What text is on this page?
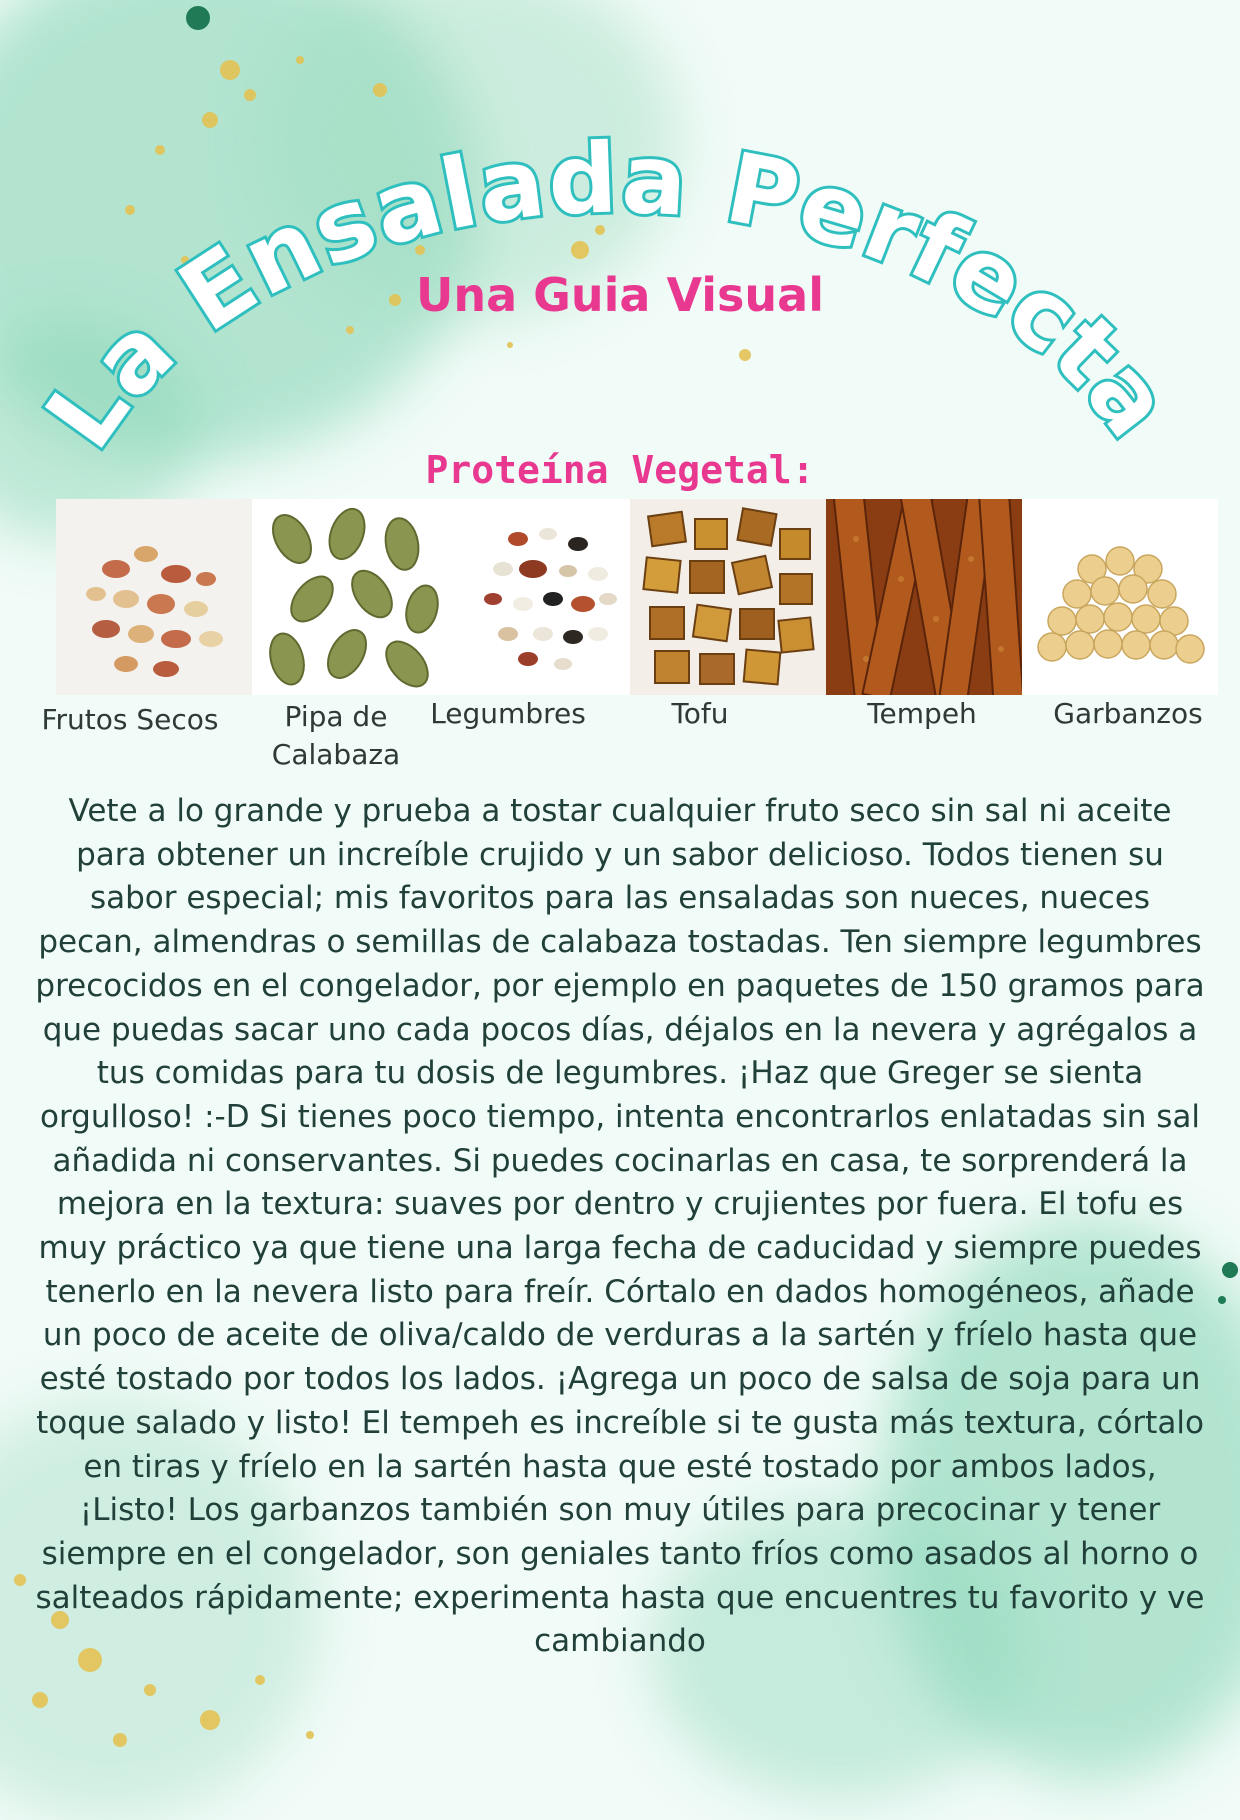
La Ensalada Perfecta
Una Guia Visual
Proteína Vegetal:
Frutos Secos	Pipa de
Calabaza
Legumbres	Tofu	Tempeh	Garbanzos

Vete a lo grande y prueba a tostar cualquier fruto seco sin sal ni aceite para obtener un increíble crujido y un sabor delicioso. Todos tienen su sabor especial; mis favoritos para las ensaladas son nueces, nueces pecan, almendras o semillas de calabaza tostadas. Ten siempre legumbres precocidos en el congelador, por ejemplo en paquetes de 150 gramos para que puedas sacar uno cada pocos días, déjalos en la nevera y agrégalos a tus comidas para tu dosis de legumbres. ¡Haz que Greger se sienta orgulloso! :-D Si tienes poco tiempo, intenta encontrarlos enlatadas sin sal añadida ni conservantes. Si puedes cocinarlas en casa, te sorprenderá la mejora en la textura: suaves por dentro y crujientes por fuera. El tofu es muy práctico ya que tiene una larga fecha de caducidad y siempre puedes tenerlo en la nevera listo para freír. Córtalo en dados homogéneos, añade un poco de aceite de oliva/caldo de verduras a la sartén y fríelo hasta que esté tostado por todos los lados. ¡Agrega un poco de salsa de soja para un toque salado y listo! El tempeh es increíble si te gusta más textura, córtalo en tiras y fríelo en la sartén hasta que esté tostado por ambos lados, ¡Listo! Los garbanzos también son muy útiles para precocinar y tener siempre en el congelador, son geniales tanto fríos como asados al horno o salteados rápidamente; experimenta hasta que encuentres tu favorito y ve cambiando
